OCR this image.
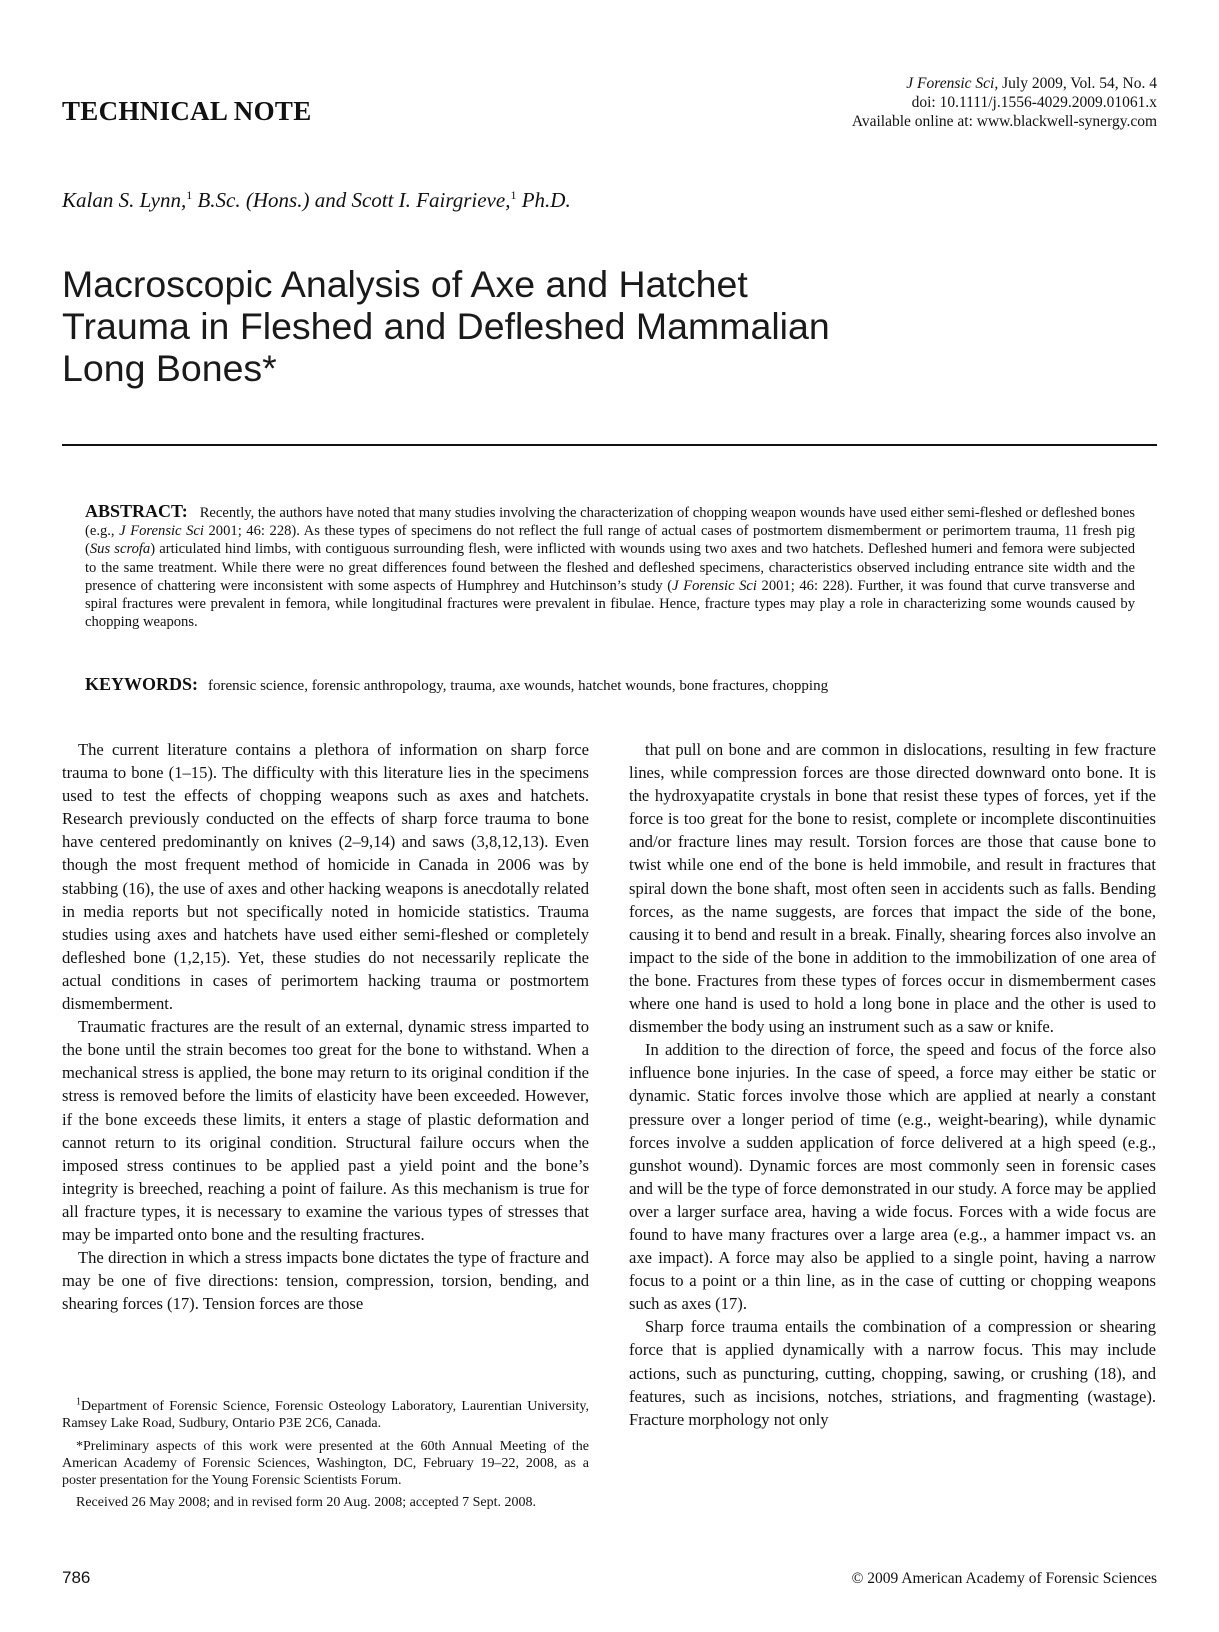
TECHNICAL NOTE
J Forensic Sci, July 2009, Vol. 54, No. 4
doi: 10.1111/j.1556-4029.2009.01061.x
Available online at: www.blackwell-synergy.com
Kalan S. Lynn,$^1$ B.Sc. (Hons.) and Scott I. Fairgrieve,$^1$ Ph.D.
Macroscopic Analysis of Axe and Hatchet
Trauma in Fleshed and Defleshed Mammalian
Long Bones*
ABSTRACT: Recently, the authors have noted that many studies involving the characterization of chopping weapon wounds have used either semi-fleshed or defleshed bones (e.g., J Forensic Sci 2001; 46: 228). As these types of specimens do not reflect the full range of actual cases of postmortem dismemberment or perimortem trauma, 11 fresh pig (Sus scrofa) articulated hind limbs, with contiguous surrounding flesh, were inflicted with wounds using two axes and two hatchets. Defleshed humeri and femora were subjected to the same treatment. While there were no great differences found between the fleshed and defleshed specimens, characteristics observed including entrance site width and the presence of chattering were inconsistent with some aspects of Humphrey and Hutchinson’s study (J Forensic Sci 2001; 46: 228). Further, it was found that curve transverse and spiral fractures were prevalent in femora, while longitudinal fractures were prevalent in fibulae. Hence, fracture types may play a role in characterizing some wounds caused by chopping weapons.
KEYWORDS: forensic science, forensic anthropology, trauma, axe wounds, hatchet wounds, bone fractures, chopping

The current literature contains a plethora of information on sharp force trauma to bone (1–15). The difficulty with this literature lies in the specimens used to test the effects of chopping weapons such as axes and hatchets. Research previously conducted on the effects of sharp force trauma to bone have centered predominantly on knives (2–9,14) and saws (3,8,12,13). Even though the most frequent method of homicide in Canada in 2006 was by stabbing (16), the use of axes and other hacking weapons is anecdotally related in media reports but not specifically noted in homicide statistics. Trauma studies using axes and hatchets have used either semi-fleshed or completely defleshed bone (1,2,15). Yet, these studies do not necessarily replicate the actual conditions in cases of perimortem hacking trauma or postmortem dismemberment.

Traumatic fractures are the result of an external, dynamic stress imparted to the bone until the strain becomes too great for the bone to withstand. When a mechanical stress is applied, the bone may return to its original condition if the stress is removed before the limits of elasticity have been exceeded. However, if the bone exceeds these limits, it enters a stage of plastic deformation and cannot return to its original condition. Structural failure occurs when the imposed stress continues to be applied past a yield point and the bone’s integrity is breeched, reaching a point of failure. As this mechanism is true for all fracture types, it is necessary to examine the various types of stresses that may be imparted onto bone and the resulting fractures.

The direction in which a stress impacts bone dictates the type of fracture and may be one of five directions: tension, compression, torsion, bending, and shearing forces (17). Tension forces are those

that pull on bone and are common in dislocations, resulting in few fracture lines, while compression forces are those directed downward onto bone. It is the hydroxyapatite crystals in bone that resist these types of forces, yet if the force is too great for the bone to resist, complete or incomplete discontinuities and/or fracture lines may result. Torsion forces are those that cause bone to twist while one end of the bone is held immobile, and result in fractures that spiral down the bone shaft, most often seen in accidents such as falls. Bending forces, as the name suggests, are forces that impact the side of the bone, causing it to bend and result in a break. Finally, shearing forces also involve an impact to the side of the bone in addition to the immobilization of one area of the bone. Fractures from these types of forces occur in dismemberment cases where one hand is used to hold a long bone in place and the other is used to dismember the body using an instrument such as a saw or knife.

In addition to the direction of force, the speed and focus of the force also influence bone injuries. In the case of speed, a force may either be static or dynamic. Static forces involve those which are applied at nearly a constant pressure over a longer period of time (e.g., weight-bearing), while dynamic forces involve a sudden application of force delivered at a high speed (e.g., gunshot wound). Dynamic forces are most commonly seen in forensic cases and will be the type of force demonstrated in our study. A force may be applied over a larger surface area, having a wide focus. Forces with a wide focus are found to have many fractures over a large area (e.g., a hammer impact vs. an axe impact). A force may also be applied to a single point, having a narrow focus to a point or a thin line, as in the case of cutting or chopping weapons such as axes (17).

Sharp force trauma entails the combination of a compression or shearing force that is applied dynamically with a narrow focus. This may include actions, such as puncturing, cutting, chopping, sawing, or crushing (18), and features, such as incisions, notches, striations, and fragmenting (wastage). Fracture morphology not only

$^1$Department of Forensic Science, Forensic Osteology Laboratory, Laurentian University, Ramsey Lake Road, Sudbury, Ontario P3E 2C6, Canada.

*Preliminary aspects of this work were presented at the 60th Annual Meeting of the American Academy of Forensic Sciences, Washington, DC, February 19–22, 2008, as a poster presentation for the Young Forensic Scientists Forum.

Received 26 May 2008; and in revised form 20 Aug. 2008; accepted 7 Sept. 2008.

786	© 2009 American Academy of Forensic Sciences
